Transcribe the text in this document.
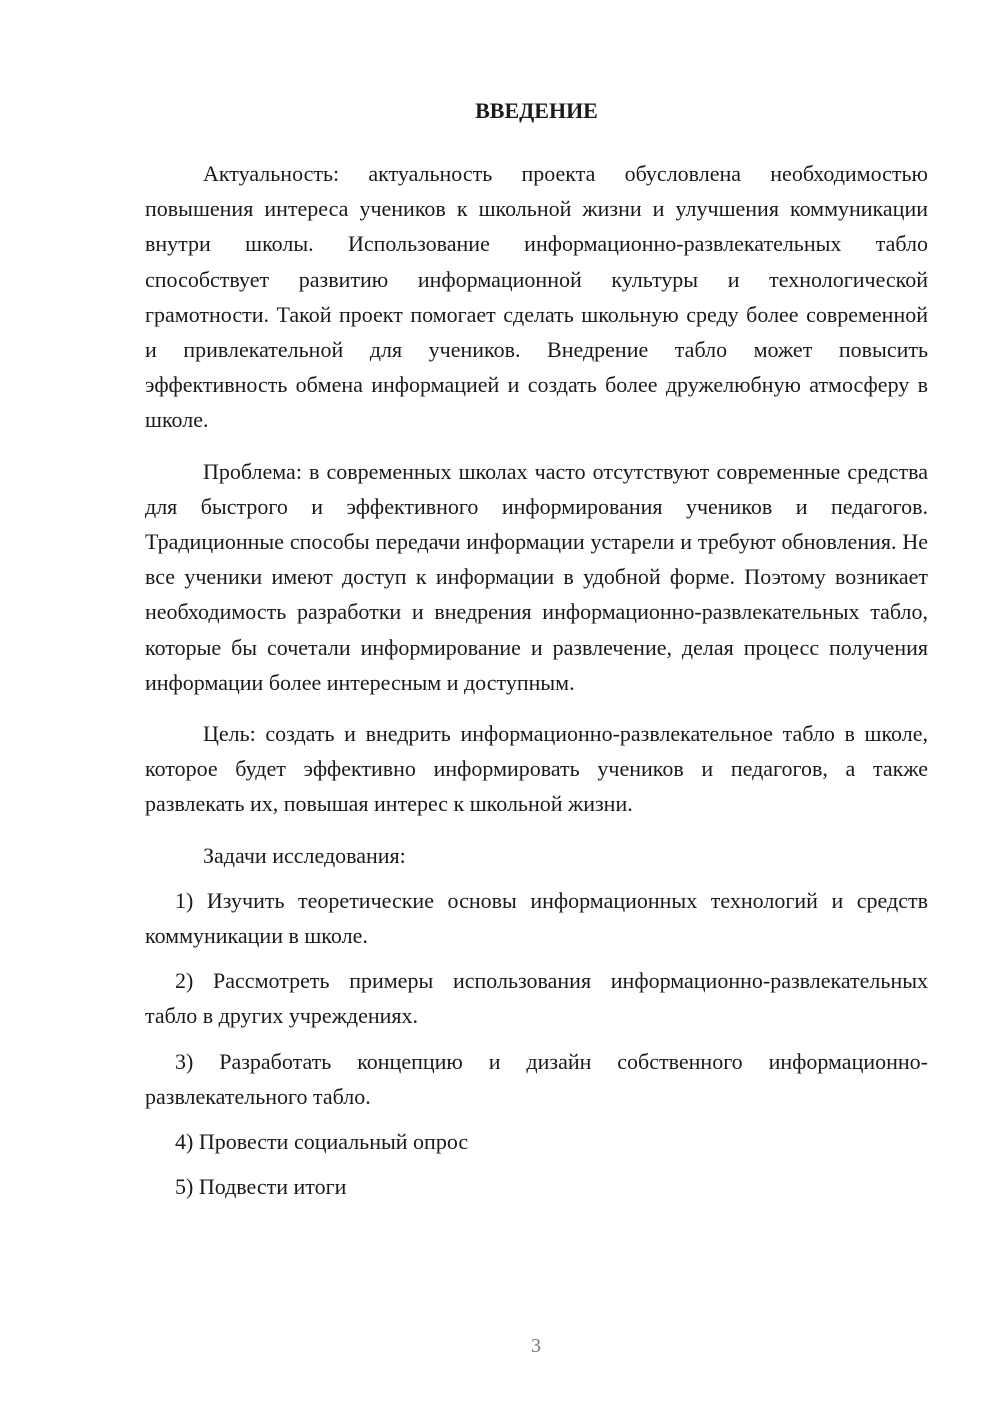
ВВЕДЕНИЕ

Актуальность: актуальность проекта обусловлена необходимостью повышения интереса учеников к школьной жизни и улучшения коммуникации внутри школы. Использование информационно-развлекательных табло способствует развитию информационной культуры и технологической грамотности. Такой проект помогает сделать школьную среду более современной и привлекательной для учеников. Внедрение табло может повысить эффективность обмена информацией и создать более дружелюбную атмосферу в школе.

Проблема: в современных школах часто отсутствуют современные средства для быстрого и эффективного информирования учеников и педагогов. Традиционные способы передачи информации устарели и требуют обновления. Не все ученики имеют доступ к информации в удобной форме. Поэтому возникает необходимость разработки и внедрения информационно-развлекательных табло, которые бы сочетали информирование и развлечение, делая процесс получения информации более интересным и доступным.

Цель: создать и внедрить информационно-развлекательное табло в школе, которое будет эффективно информировать учеников и педагогов, а также развлекать их, повышая интерес к школьной жизни.

Задачи исследования:

1) Изучить теоретические основы информационных технологий и средств коммуникации в школе.

2) Рассмотреть примеры использования информационно-развлекательных табло в других учреждениях.

3) Разработать концепцию и дизайн собственного информационно-развлекательного табло.

4) Провести социальный опрос

5) Подвести итоги

3
